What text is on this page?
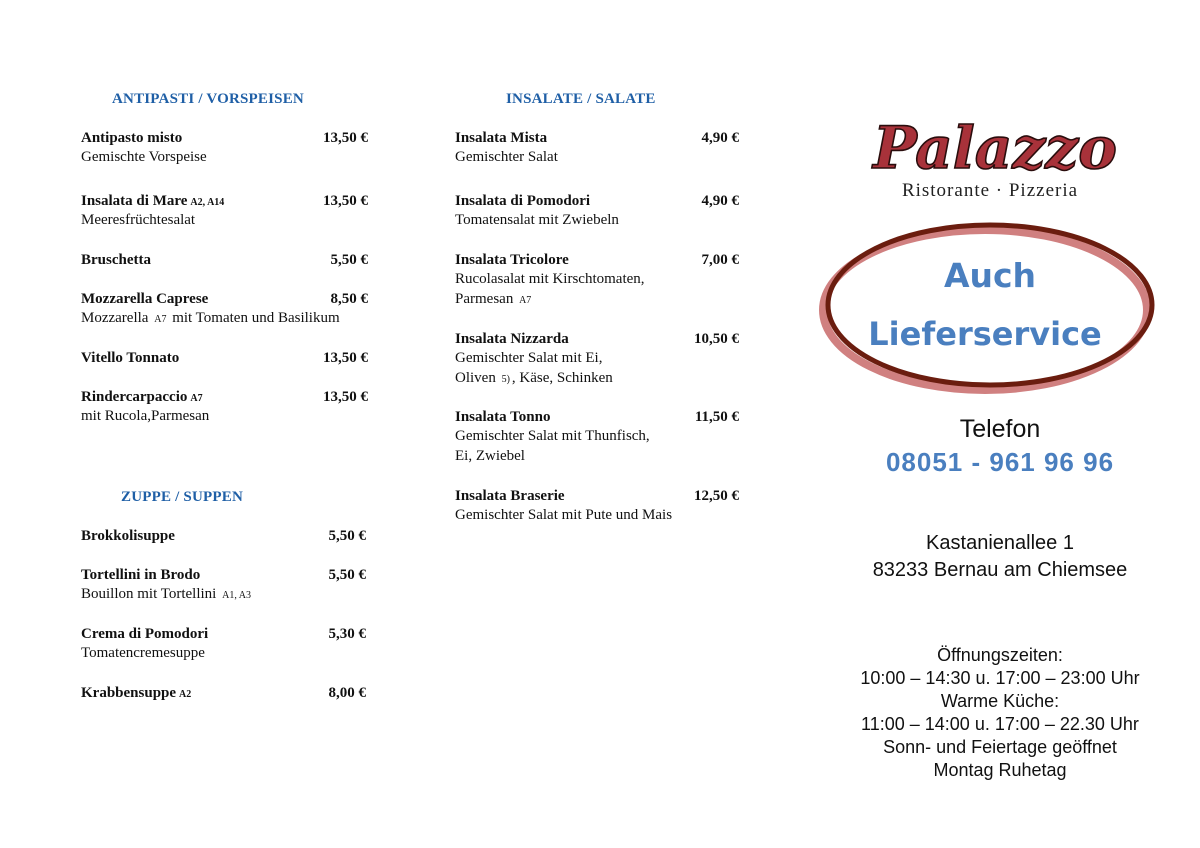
ANTIPASTI / VORSPEISEN
Antipasto misto	13,50 €
Gemischte Vorspeise
Insalata di Mare A2, A14	13,50 €
Meeresfrüchtesalat
Bruschetta	5,50 €
Mozzarella Caprese	8,50 €
Mozzarella A7 mit Tomaten und Basilikum
Vitello Tonnato	13,50 €
Rindercarpaccio A7	13,50 €
mit Rucola,Parmesan
ZUPPE / SUPPEN
Brokkolisuppe	5,50 €
Tortellini in Brodo	5,50 €
Bouillon mit Tortellini A1, A3
Crema di Pomodori	5,30 €
Tomatencremesuppe
Krabbensuppe A2	8,00 €
INSALATE / SALATE
Insalata Mista	4,90 €
Gemischter Salat
Insalata di Pomodori	4,90 €
Tomatensalat mit Zwiebeln
Insalata Tricolore	7,00 €
Rucolasalat mit Kirschtomaten,
Parmesan A7
Insalata Nizzarda	10,50 €
Gemischter Salat mit Ei,
Oliven 5) , Käse, Schinken
Insalata Tonno	11,50 €
Gemischter Salat mit Thunfisch,
Ei, Zwiebel
Insalata Braserie	12,50 €
Gemischter Salat mit Pute und Mais
Palazzo
Ristorante · Pizzeria
Auch
Lieferservice
Telefon
08051 - 961 96 96
Kastanienallee 1
83233 Bernau am Chiemsee
Öffnungszeiten:
10:00 – 14:30 u. 17:00 – 23:00 Uhr
Warme Küche:
11:00 – 14:00 u. 17:00 – 22.30 Uhr
Sonn- und Feiertage geöffnet
Montag Ruhetag
